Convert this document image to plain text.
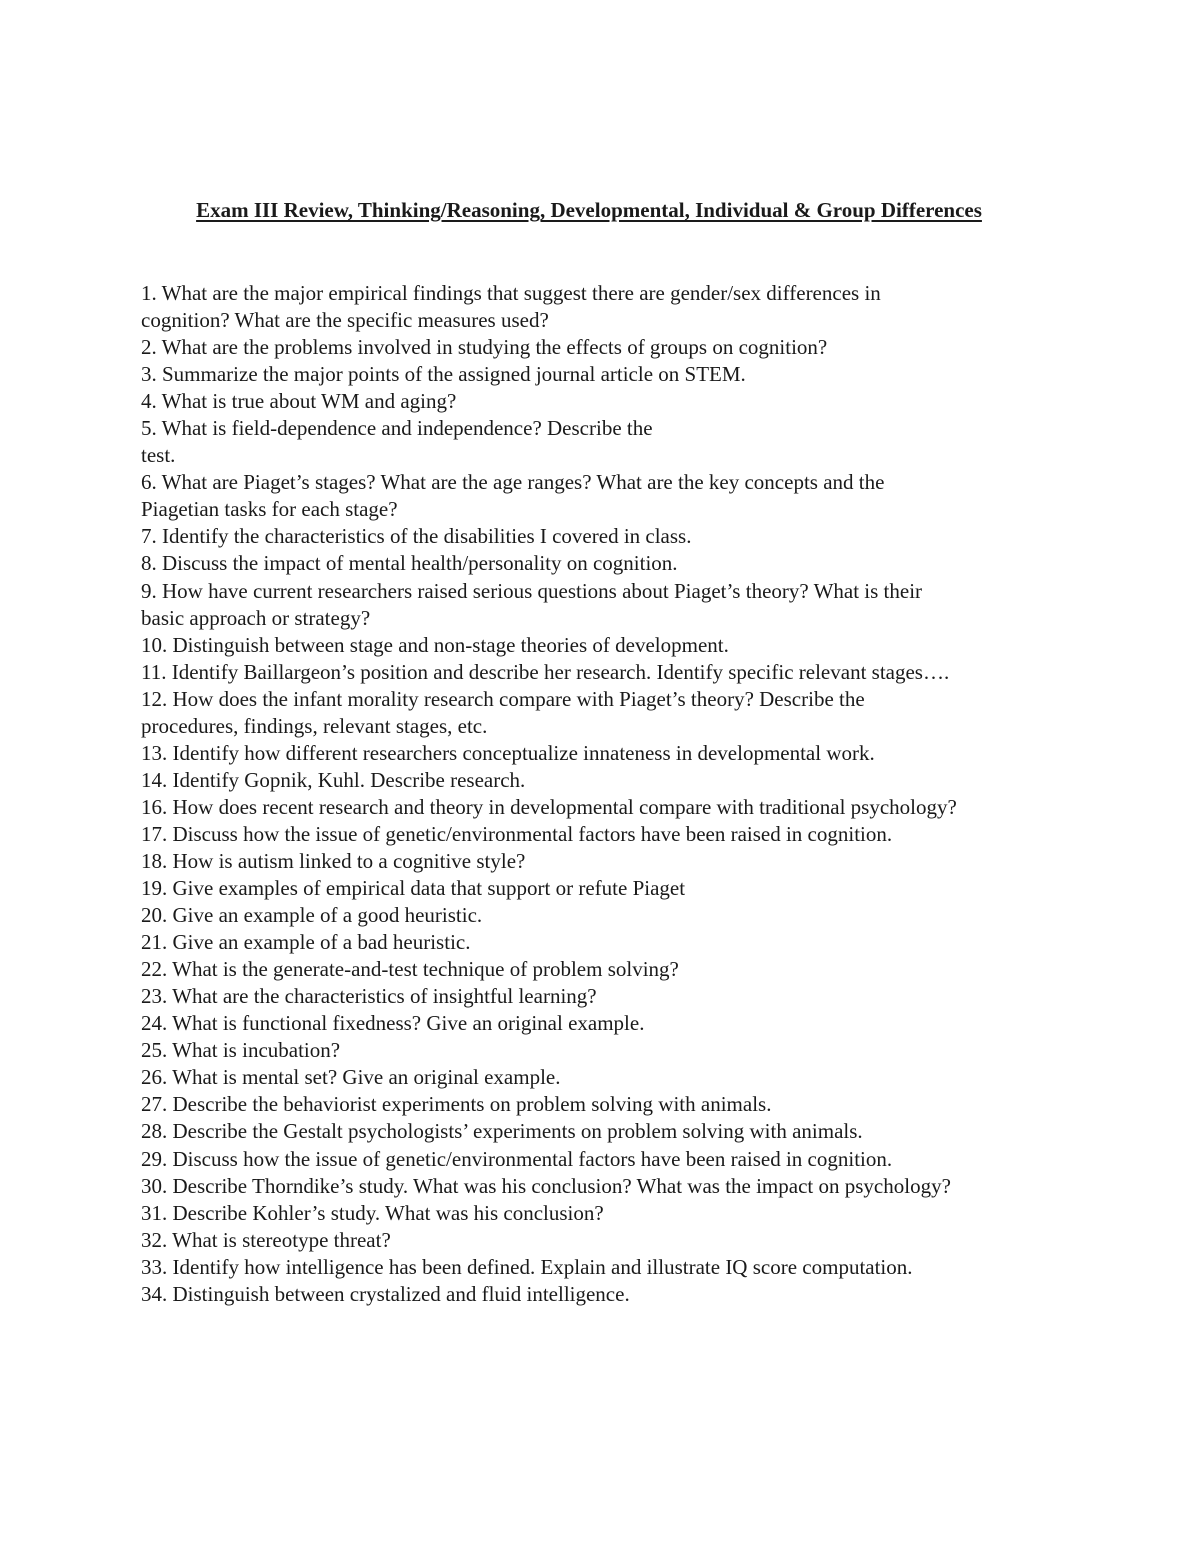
Exam III Review, Thinking/Reasoning, Developmental, Individual & Group Differences
1. What are the major empirical findings that suggest there are gender/sex differences in
cognition? What are the specific measures used?
2. What are the problems involved in studying the effects of groups on cognition?
3. Summarize the major points of the assigned journal article on STEM.
4. What is true about WM and aging?
5. What is field-dependence and independence? Describe the
test.
6. What are Piaget’s stages? What are the age ranges? What are the key concepts and the
Piagetian tasks for each stage?
7. Identify the characteristics of the disabilities I covered in class.
8. Discuss the impact of mental health/personality on cognition.
9. How have current researchers raised serious questions about Piaget’s theory? What is their
basic approach or strategy?
10. Distinguish between stage and non-stage theories of development.
11. Identify Baillargeon’s position and describe her research. Identify specific relevant stages….
12. How does the infant morality research compare with Piaget’s theory? Describe the
procedures, findings, relevant stages, etc.
13. Identify how different researchers conceptualize innateness in developmental work.
14. Identify Gopnik, Kuhl. Describe research.
16. How does recent research and theory in developmental compare with traditional psychology?
17. Discuss how the issue of genetic/environmental factors have been raised in cognition.
18. How is autism linked to a cognitive style?
19. Give examples of empirical data that support or refute Piaget
20. Give an example of a good heuristic.
21. Give an example of a bad heuristic.
22. What is the generate-and-test technique of problem solving?
23. What are the characteristics of insightful learning?
24. What is functional fixedness? Give an original example.
25. What is incubation?
26. What is mental set? Give an original example.
27. Describe the behaviorist experiments on problem solving with animals.
28. Describe the Gestalt psychologists’ experiments on problem solving with animals.
29. Discuss how the issue of genetic/environmental factors have been raised in cognition.
30. Describe Thorndike’s study. What was his conclusion? What was the impact on psychology?
31. Describe Kohler’s study. What was his conclusion?
32. What is stereotype threat?
33. Identify how intelligence has been defined. Explain and illustrate IQ score computation.
34. Distinguish between crystalized and fluid intelligence.
